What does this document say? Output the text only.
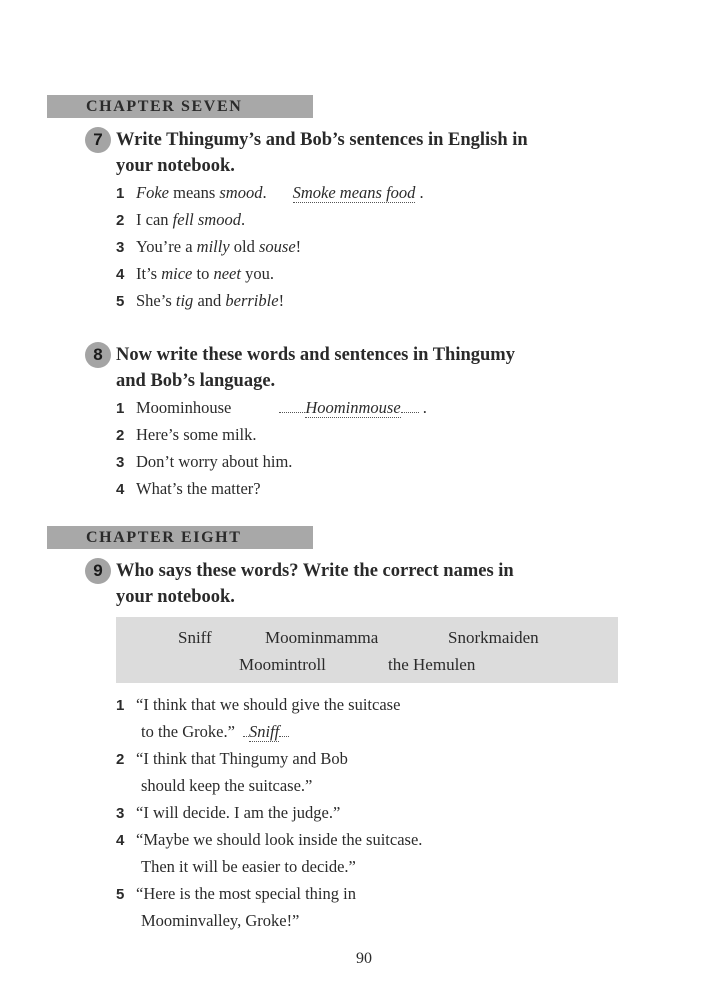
CHAPTER SEVEN
7 Write Thingumy’s and Bob’s sentences in English in
your notebook.
1 Foke means smood. Smoke means food .
2 I can fell smood.
3 You’re a milly old souse!
4 It’s mice to neet you.
5 She’s tig and berrible!
8 Now write these words and sentences in Thingumy
and Bob’s language.
1 Moominhouse	Hoominmouse .
2 Here’s some milk.
3 Don’t worry about him.
4 What’s the matter?
CHAPTER EIGHT
9 Who says these words? Write the correct names in
your notebook.
Sniff	Moominmamma	Snorkmaiden
Moomintroll	the Hemulen
1 “I think that we should give the suitcase
to the Groke.” Sniff
2 “I think that Thingumy and Bob
should keep the suitcase.”
3 “I will decide. I am the judge.”
4 “Maybe we should look inside the suitcase.
Then it will be easier to decide.”
5 “Here is the most special thing in
Moominvalley, Groke!”
90
